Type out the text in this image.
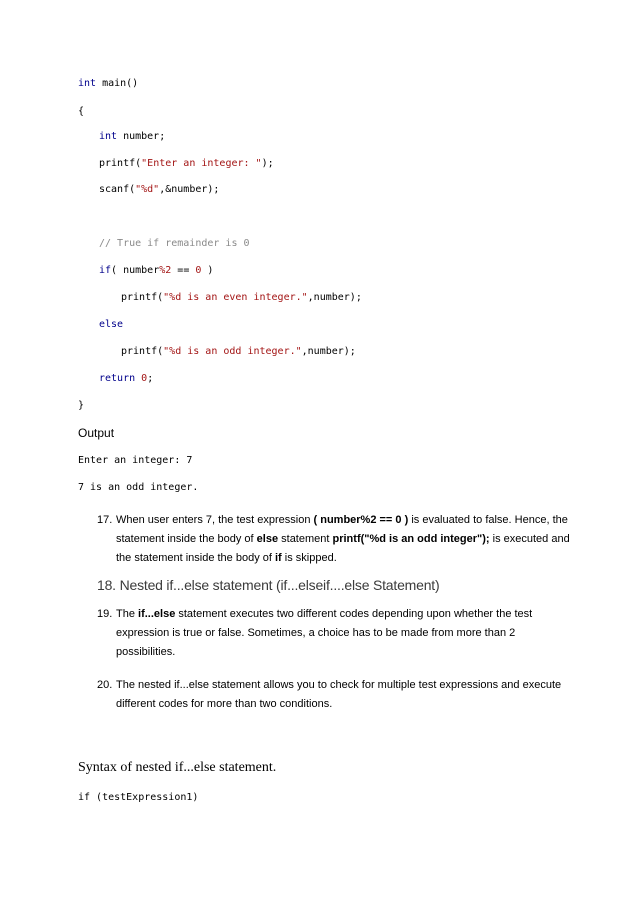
int main()
{
int number;
printf("Enter an integer: ");
scanf("%d",&number);
// True if remainder is 0
if( number%2 == 0 )
printf("%d is an even integer.",number);
else
printf("%d is an odd integer.",number);
return 0;
}
Output
Enter an integer: 7
7 is an odd integer.
17. When user enters 7, the test expression ( number%2 == 0 ) is evaluated to false. Hence, the statement inside the body of else statement printf("%d is an odd integer"); is executed and the statement inside the body of if is skipped.
18. Nested if...else statement (if...elseif....else Statement)
19. The if...else statement executes two different codes depending upon whether the test expression is true or false. Sometimes, a choice has to be made from more than 2 possibilities.
20. The nested if...else statement allows you to check for multiple test expressions and execute different codes for more than two conditions.
Syntax of nested if...else statement.
if (testExpression1)
